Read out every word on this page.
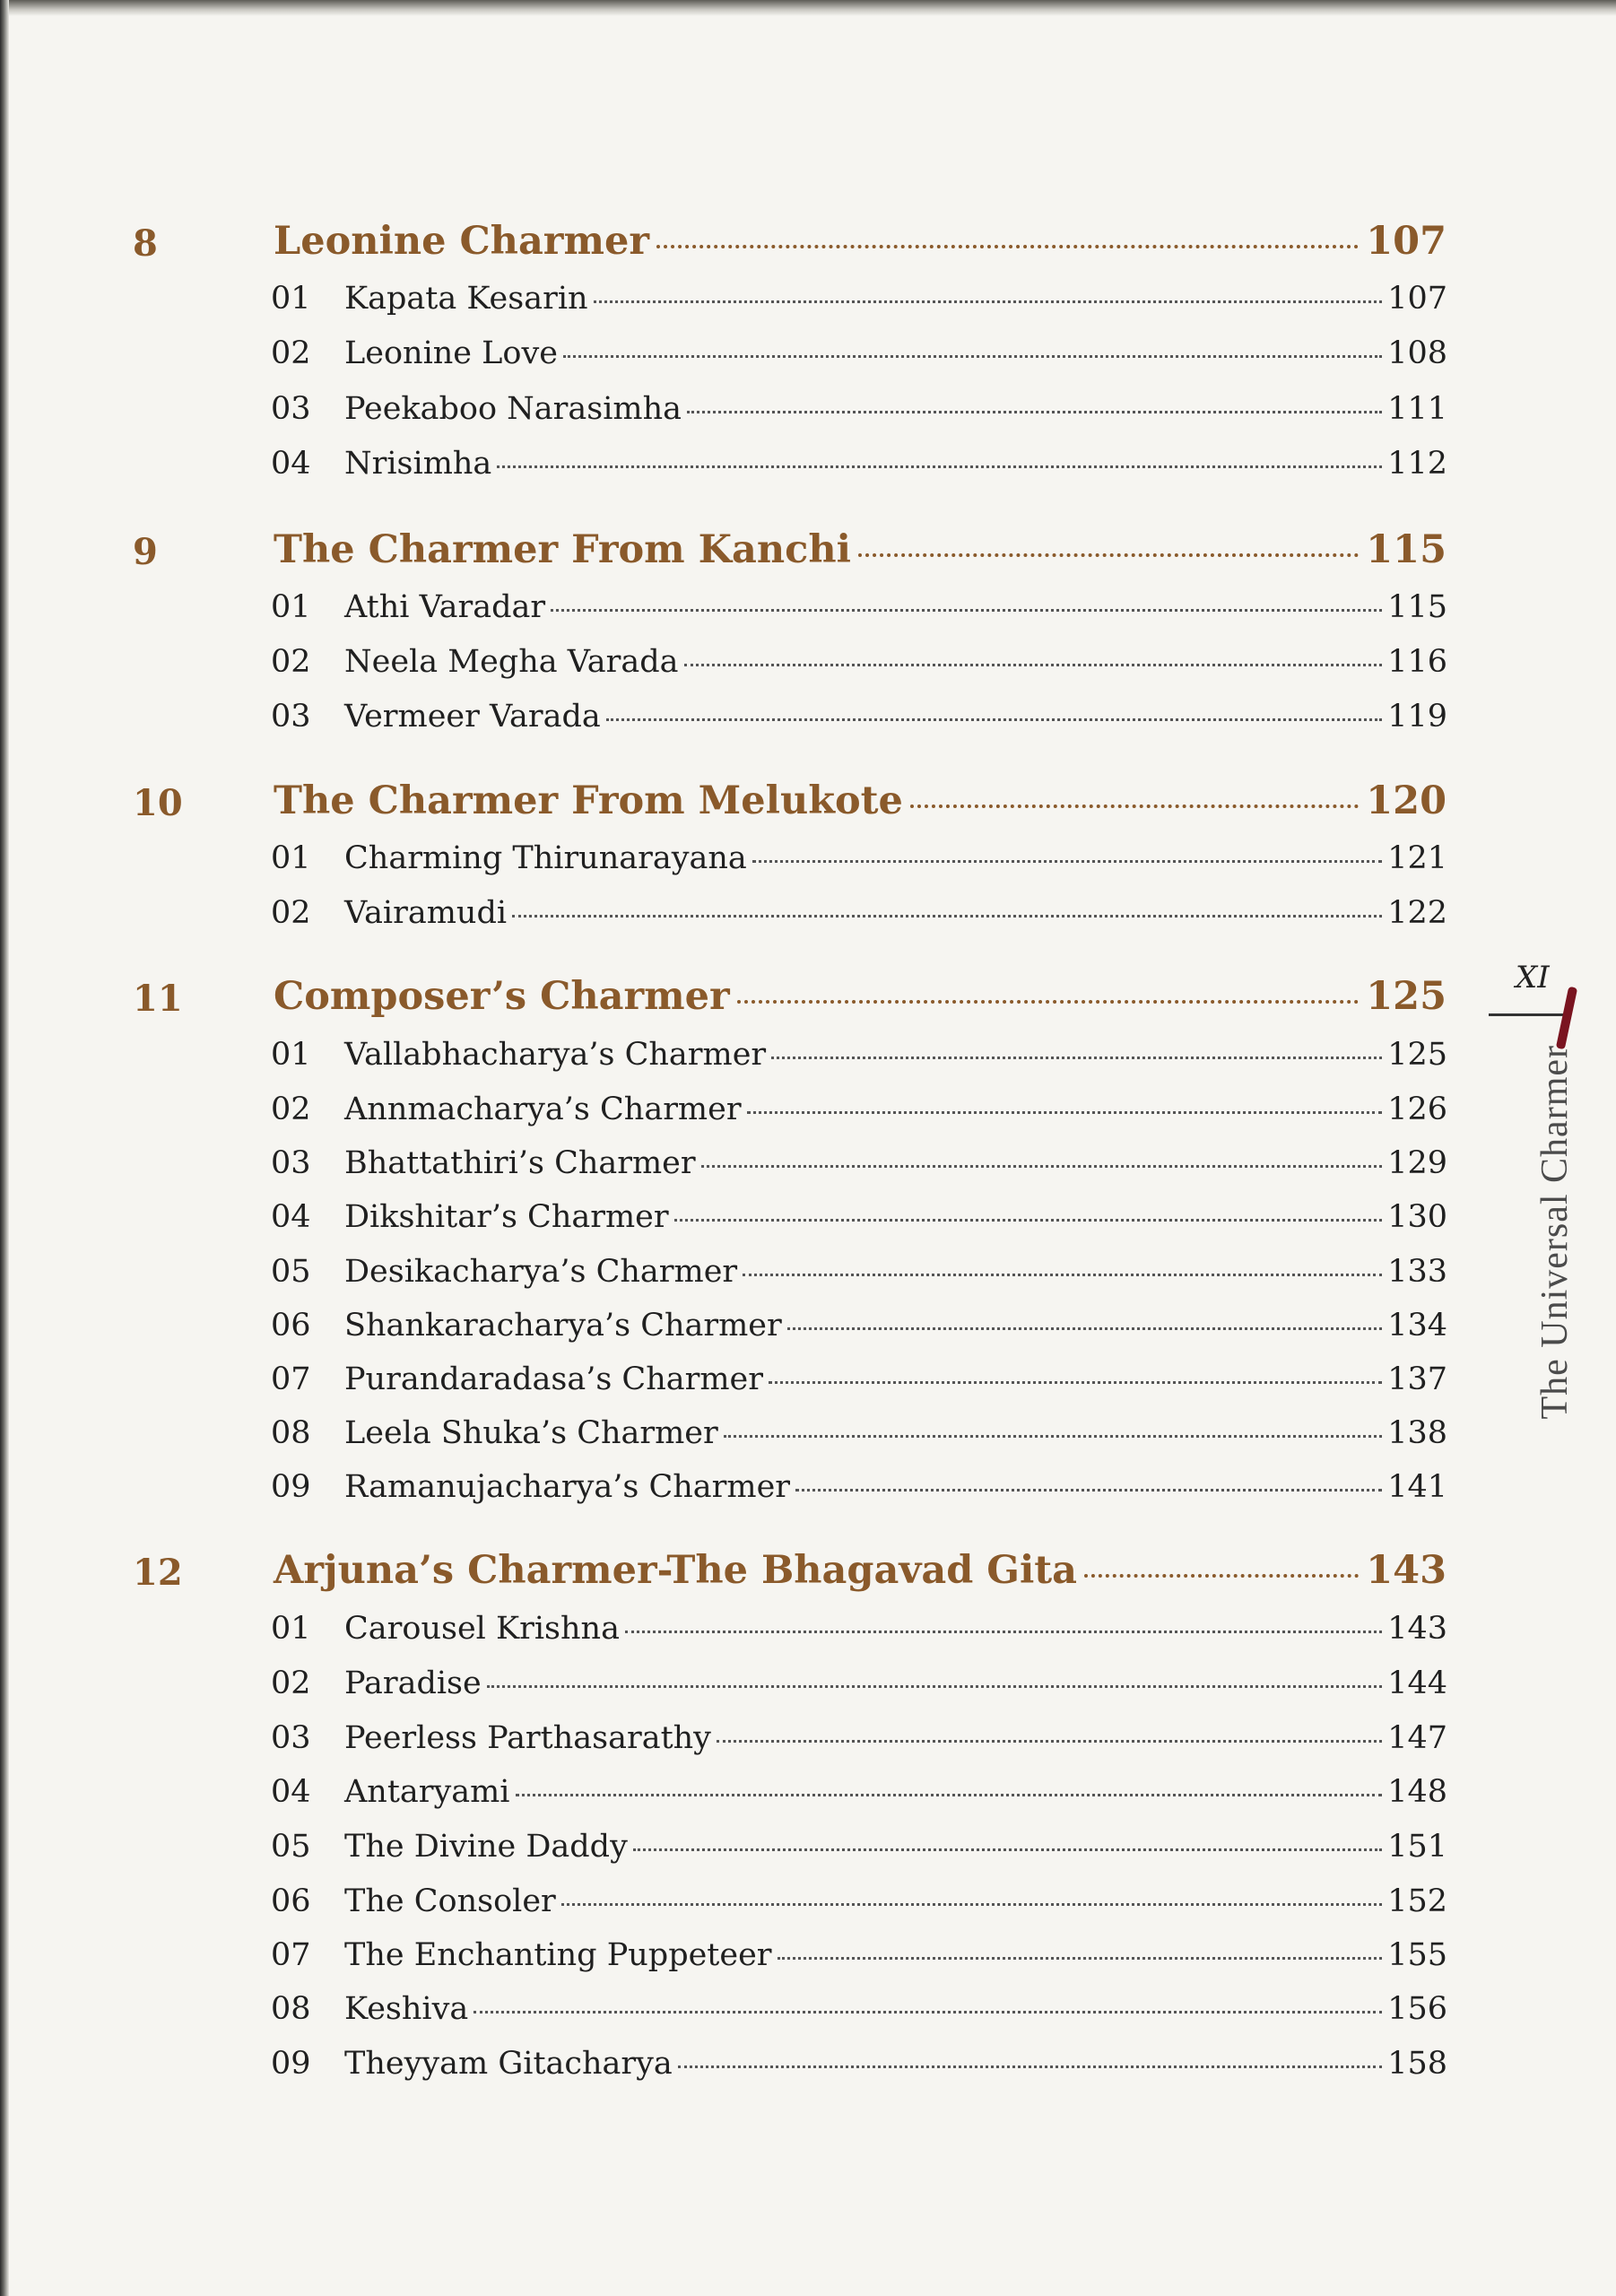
8	Leonine Charmer	107
01	Kapata Kesarin	107
02	Leonine Love	108
03	Peekaboo Narasimha	111
04	Nrisimha	112
9	The Charmer From Kanchi	115
01	Athi Varadar	115
02	Neela Megha Varada	116
03	Vermeer Varada	119
10	The Charmer From Melukote	120
01	Charming Thirunarayana	121
02	Vairamudi	122
11	Composer’s Charmer	125
01	Vallabhacharya’s Charmer	125
02	Annmacharya’s Charmer	126
03	Bhattathiri’s Charmer	129
04	Dikshitar’s Charmer	130
05	Desikacharya’s Charmer	133
06	Shankaracharya’s Charmer	134
07	Purandaradasa’s Charmer	137
08	Leela Shuka’s Charmer	138
09	Ramanujacharya’s Charmer	141
12	Arjuna’s Charmer-The Bhagavad Gita	143
01	Carousel Krishna	143
02	Paradise	144
03	Peerless Parthasarathy	147
04	Antaryami	148
05	The Divine Daddy	151
06	The Consoler	152
07	The Enchanting Puppeteer	155
08	Keshiva	156
09	Theyyam Gitacharya	158
XI
The Universal Charmer
